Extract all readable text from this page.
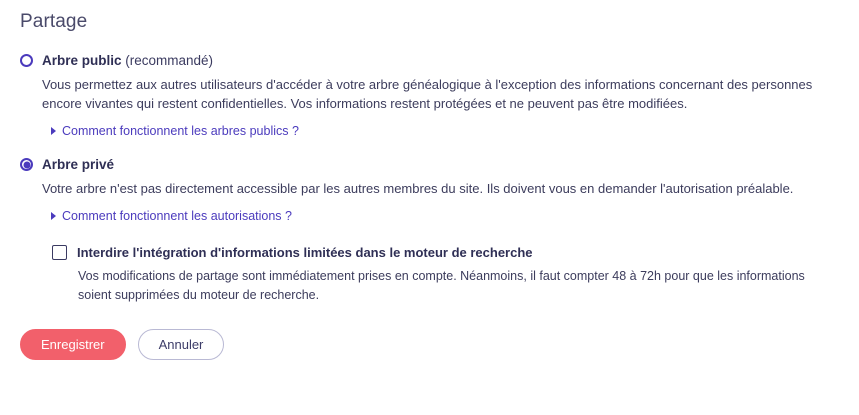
Partage
Arbre public (recommandé)

Vous permettez aux autres utilisateurs d'accéder à votre arbre généalogique à l'exception des informations concernant des personnes encore vivantes qui restent confidentielles. Vos informations restent protégées et ne peuvent pas être modifiées.

Comment fonctionnent les arbres publics ?
Arbre privé

Votre arbre n'est pas directement accessible par les autres membres du site. Ils doivent vous en demander l'autorisation préalable.

Comment fonctionnent les autorisations ?
Interdire l'intégration d'informations limitées dans le moteur de recherche

Vos modifications de partage sont immédiatement prises en compte. Néanmoins, il faut compter 48 à 72h pour que les informations soient supprimées du moteur de recherche.

Enregistrer	Annuler
